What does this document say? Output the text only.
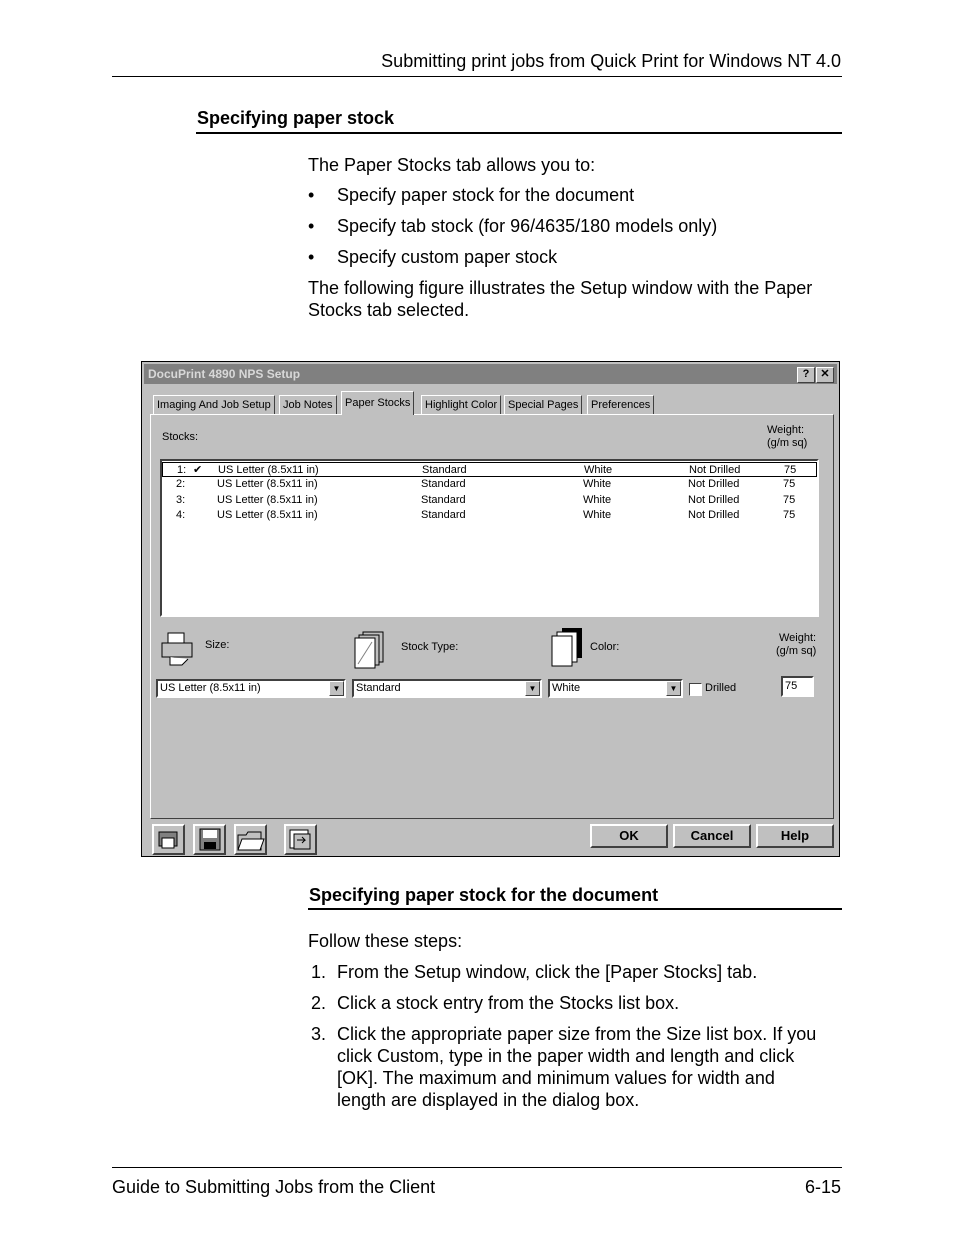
Submitting print jobs from Quick Print for Windows NT 4.0
Specifying paper stock
The Paper Stocks tab allows you to:
• Specify paper stock for the document
• Specify tab stock (for 96/4635/180 models only)
• Specify custom paper stock
The following figure illustrates the Setup window with the Paper
Stocks tab selected.
DocuPrint 4890 NPS Setup	?	✕
Imaging And Job Setup	Job Notes	Paper Stocks	Highlight Color Special Pages	Preferences
Stocks:
Weight:
(g/m sq)
1: ✔ US Letter (8.5x11 in)	Standard	White	Not Drilled	75
2:	US Letter (8.5x11 in)	Standard	White	Not Drilled	75
3:	US Letter (8.5x11 in)	Standard	White	Not Drilled	75
4:	US Letter (8.5x11 in)	Standard	White	Not Drilled	75
Size:	Stock Type:	Color:
Weight:
(g/m sq)
US Letter (8.5x11 in)	▼	Standard	▼	White	▼	Drilled	75
OK	Cancel	Help
Specifying paper stock for the document
Follow these steps:
1. From the Setup window, click the [Paper Stocks] tab.
2. Click a stock entry from the Stocks list box.
3. Click the appropriate paper size from the Size list box. If you
click Custom, type in the paper width and length and click
[OK]. The maximum and minimum values for width and
length are displayed in the dialog box.
Guide to Submitting Jobs from the Client	6-15
